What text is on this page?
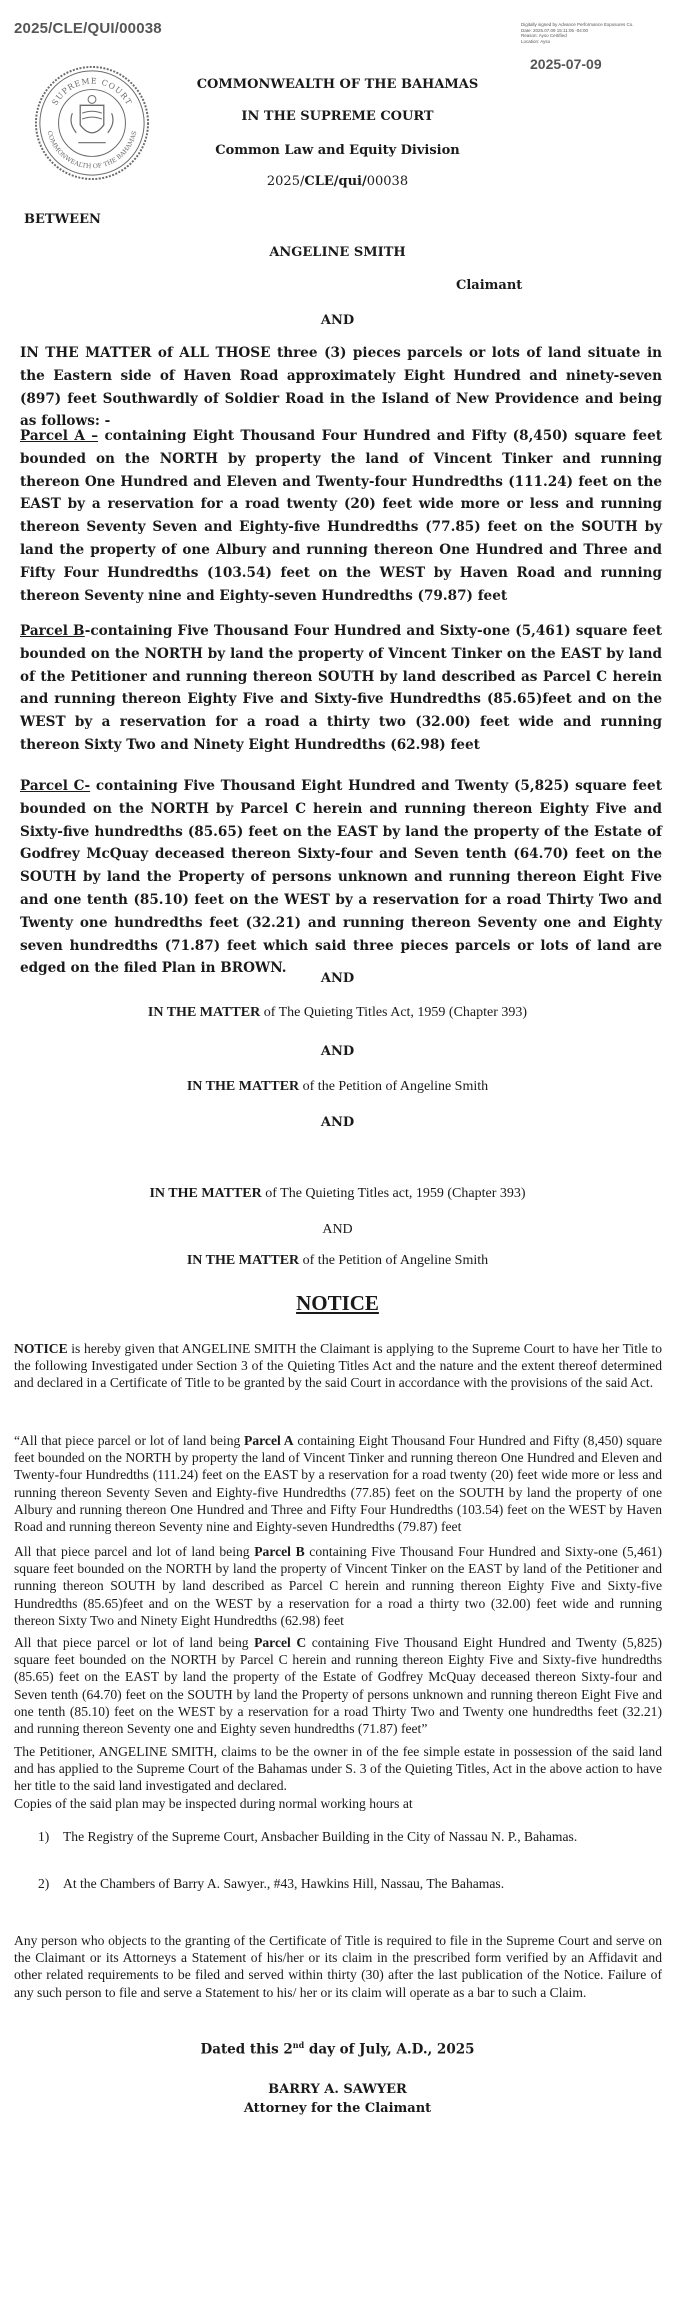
2025/CLE/QUI/00038	Digitally signed by Advance Performance Exposures Co.
Date: 2025.07.09 15:11:05 -04:00
Reason: Ayso Certified
Location: Ayso
2025-07-09
SUPREME COURT
COMMONWEALTH OF THE BAHAMAS
COMMONWEALTH OF THE BAHAMAS
IN THE SUPREME COURT
Common Law and Equity Division
2025/CLE/qui/00038
BETWEEN
ANGELINE SMITH
Claimant
AND
IN THE MATTER of ALL THOSE three (3) pieces parcels or lots of land situate in the Eastern side of Haven Road approximately Eight Hundred and ninety-seven (897) feet Southwardly of Soldier Road in the Island of New Providence and being as follows: -
Parcel A – containing Eight Thousand Four Hundred and Fifty (8,450) square feet bounded on the NORTH by property the land of Vincent Tinker and running thereon One Hundred and Eleven and Twenty-four Hundredths (111.24) feet on the EAST by a reservation for a road twenty (20) feet wide more or less and running thereon Seventy Seven and Eighty-five Hundredths (77.85) feet on the SOUTH by land the property of one Albury and running thereon One Hundred and Three and Fifty Four Hundredths (103.54) feet on the WEST by Haven Road and running thereon Seventy nine and Eighty-seven Hundredths (79.87) feet
Parcel B-containing Five Thousand Four Hundred and Sixty-one (5,461) square feet bounded on the NORTH by land the property of Vincent Tinker on the EAST by land of the Petitioner and running thereon SOUTH by land described as Parcel C herein and running thereon Eighty Five and Sixty-five Hundredths (85.65)feet and on the WEST by a reservation for a road a thirty two (32.00) feet wide and running thereon Sixty Two and Ninety Eight Hundredths (62.98) feet
Parcel C- containing Five Thousand Eight Hundred and Twenty (5,825) square feet bounded on the NORTH by Parcel C herein and running thereon Eighty Five and Sixty-five hundredths (85.65) feet on the EAST by land the property of the Estate of Godfrey McQuay deceased thereon Sixty-four and Seven tenth (64.70) feet on the SOUTH by land the Property of persons unknown and running thereon Eight Five and one tenth (85.10) feet on the WEST by a reservation for a road Thirty Two and Twenty one hundredths feet (32.21) and running thereon Seventy one and Eighty seven hundredths (71.87) feet which said three pieces parcels or lots of land are edged on the filed Plan in BROWN.
AND
IN THE MATTER of The Quieting Titles Act, 1959 (Chapter 393)
AND
IN THE MATTER of the Petition of Angeline Smith
AND
IN THE MATTER of The Quieting Titles act, 1959 (Chapter 393)
AND
IN THE MATTER of the Petition of Angeline Smith
NOTICE
NOTICE is hereby given that ANGELINE SMITH the Claimant is applying to the Supreme Court to have her Title to the following Investigated under Section 3 of the Quieting Titles Act and the nature and the extent thereof determined and declared in a Certificate of Title to be granted by the said Court in accordance with the provisions of the said Act.
“All that piece parcel or lot of land being Parcel A containing Eight Thousand Four Hundred and Fifty (8,450) square feet bounded on the NORTH by property the land of Vincent Tinker and running thereon One Hundred and Eleven and Twenty-four Hundredths (111.24) feet on the EAST by a reservation for a road twenty (20) feet wide more or less and running thereon Seventy Seven and Eighty-five Hundredths (77.85) feet on the SOUTH by land the property of one Albury and running thereon One Hundred and Three and Fifty Four Hundredths (103.54) feet on the WEST by Haven Road and running thereon Seventy nine and Eighty-seven Hundredths (79.87) feet
All that piece parcel and lot of land being Parcel B containing Five Thousand Four Hundred and Sixty-one (5,461) square feet bounded on the NORTH by land the property of Vincent Tinker on the EAST by land of the Petitioner and running thereon SOUTH by land described as Parcel C herein and running thereon Eighty Five and Sixty-five Hundredths (85.65)feet and on the WEST by a reservation for a road a thirty two (32.00) feet wide and running thereon Sixty Two and Ninety Eight Hundredths (62.98) feet
All that piece parcel or lot of land being Parcel C containing Five Thousand Eight Hundred and Twenty (5,825) square feet bounded on the NORTH by Parcel C herein and running thereon Eighty Five and Sixty-five hundredths (85.65) feet on the EAST by land the property of the Estate of Godfrey McQuay deceased thereon Sixty-four and Seven tenth (64.70) feet on the SOUTH by land the Property of persons unknown and running thereon Eight Five and one tenth (85.10) feet on the WEST by a reservation for a road Thirty Two and Twenty one hundredths feet (32.21) and running thereon Seventy one and Eighty seven hundredths (71.87) feet”
The Petitioner, ANGELINE SMITH, claims to be the owner in of the fee simple estate in possession of the said land and has applied to the Supreme Court of the Bahamas under S. 3 of the Quieting Titles, Act in the above action to have her title to the said land investigated and declared.
Copies of the said plan may be inspected during normal working hours at
1)	The Registry of the Supreme Court, Ansbacher Building in the City of Nassau N. P., Bahamas.
2)	At the Chambers of Barry A. Sawyer., #43, Hawkins Hill, Nassau, The Bahamas.
Any person who objects to the granting of the Certificate of Title is required to file in the Supreme Court and serve on the Claimant or its Attorneys a Statement of his/her or its claim in the prescribed form verified by an Affidavit and other related requirements to be filed and served within thirty (30) after the last publication of the Notice. Failure of any such person to file and serve a Statement to his/ her or its claim will operate as a bar to such a Claim.
Dated this 2nd day of July, A.D., 2025
BARRY A. SAWYER
Attorney for the Claimant
